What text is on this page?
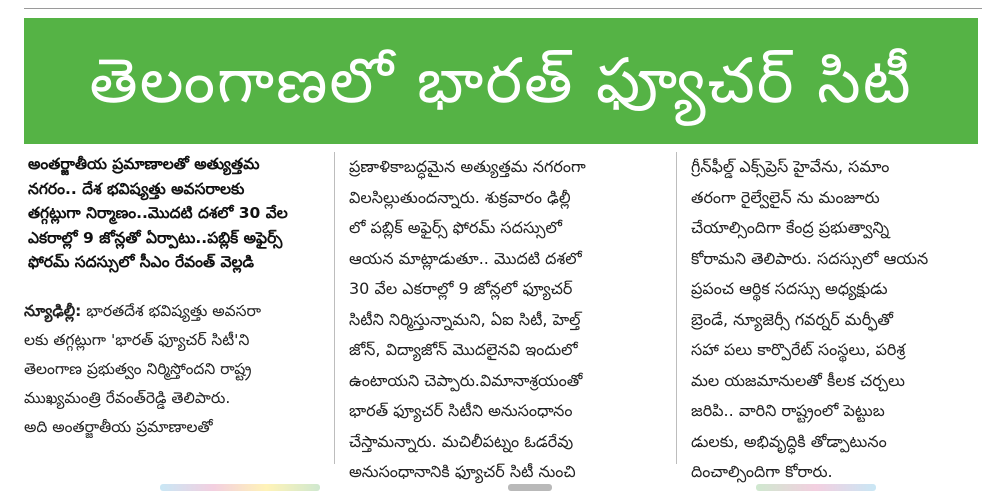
తెలంగాణలో భారత్ ఫ్యూచర్ సిటీ
అంతర్జాతీయ ప్రమాణాలతో అత్యుత్తమ
నగరం.. దేశ భవిష్యత్తు అవసరాలకు
తగ్గట్లుగా నిర్మాణం..మొదటి దశలో 30 వేల
ఎకరాల్లో 9 జోన్లతో ఏర్పాటు..పబ్లిక్ అఫైర్స్
ఫోరమ్ సదస్సులో సీఎం రేవంత్ వెల్లడి
న్యూఢిల్లీ: భారతదేశ భవిష్యత్తు అవసరా
లకు తగ్గట్లుగా 'భారత్ ఫ్యూచర్ సిటీ'ని
తెలంగాణ ప్రభుత్వం నిర్మిస్తోందని రాష్ట్ర
ముఖ్యమంత్రి రేవంత్‌రెడ్డి తెలిపారు.
అది అంతర్జాతీయ ప్రమాణాలతో
ప్రణాళికాబద్ధమైన అత్యుత్తమ నగరంగా
విలసిల్లుతుందన్నారు. శుక్రవారం ఢిల్లీ
లో పబ్లిక్ అఫైర్స్ ఫోరమ్ సదస్సులో
ఆయన మాట్లాడుతూ.. మొదటి దశలో
30 వేల ఎకరాల్లో 9 జోన్లలో ఫ్యూచర్
సిటీని నిర్మిస్తున్నామని, ఏఐ సిటీ, హెల్త్
జోన్, విద్యాజోన్ మొదలైనవి ఇందులో
ఉంటాయని చెప్పారు.విమానాశ్రయంతో
భారత్ ఫ్యూచర్ సిటీని అనుసంధానం
చేస్తామన్నారు. మచిలీపట్నం ఓడరేవు
అనుసంధానానికి ఫ్యూచర్ సిటీ నుంచి
గ్రీన్‌ఫీల్డ్ ఎక్స్‌ప్రెస్ హైవేను, సమాం
తరంగా రైల్వేలైన్ ను మంజూరు
చేయాల్సిందిగా కేంద్ర ప్రభుత్వాన్ని
కోరామని తెలిపారు. సదస్సులో ఆయన
ప్రపంచ ఆర్థిక సదస్సు అధ్యక్షుడు
బ్రెండే, న్యూజెర్సీ గవర్నర్ మర్ఫీతో
సహా పలు కార్పొరేట్ సంస్థలు, పరిశ్ర
మల యజమానులతో కీలక చర్చలు
జరిపి.. వారిని రాష్ట్రంలో పెట్టుబ
డులకు, అభివృద్ధికి తోడ్పాటునం
దించాల్సిందిగా కోరారు.
